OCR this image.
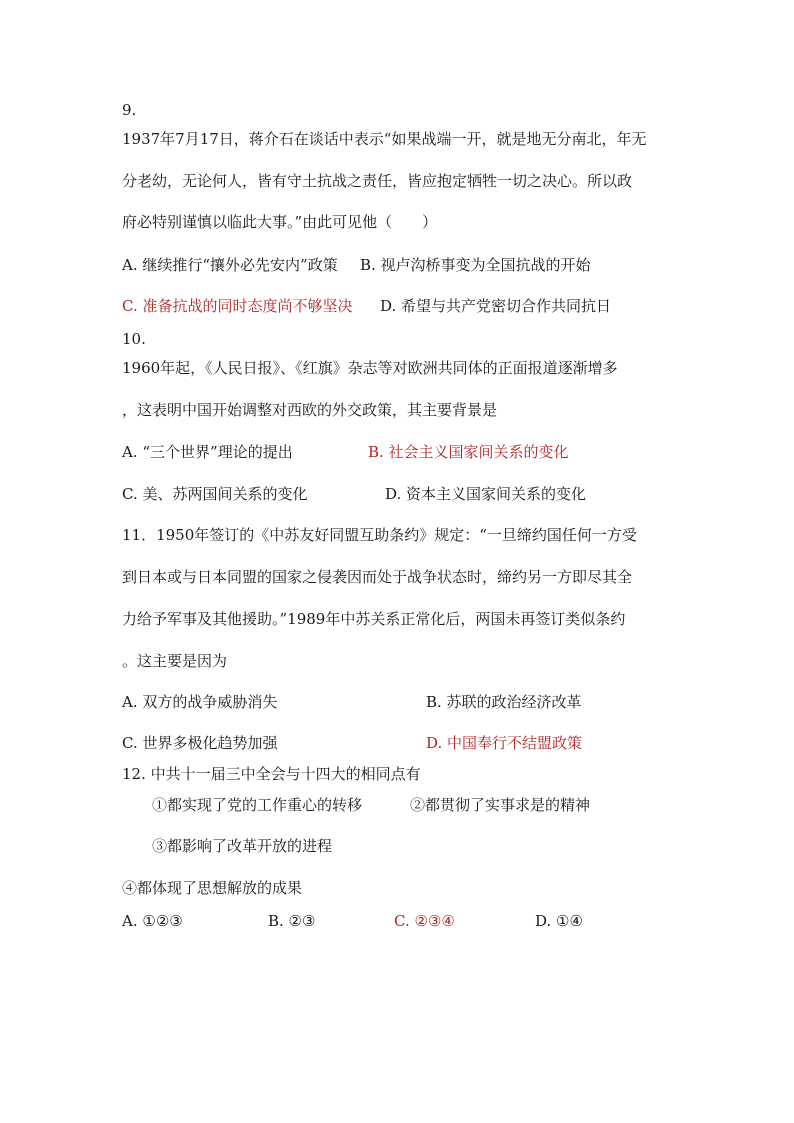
9.
1937年7月17日，蒋介石在谈话中表示“如果战端一开，就是地无分南北，年无
分老幼，无论何人，皆有守土抗战之责任，皆应抱定牺牲一切之决心。所以政
府必特别谨慎以临此大事。”由此可见他（　　）
A. 继续推行“攘外必先安内”政策 B. 视卢沟桥事变为全国抗战的开始
C. 准备抗战的同时态度尚不够坚决 D. 希望与共产党密切合作共同抗日
10.
1960年起，《人民日报》、《红旗》杂志等对欧洲共同体的正面报道逐渐增多
，这表明中国开始调整对西欧的外交政策，其主要背景是
A. “三个世界”理论的提出	B. 社会主义国家间关系的变化
C. 美、苏两国间关系的变化	D. 资本主义国家间关系的变化
11．1950年签订的《中苏友好同盟互助条约》规定：“一旦缔约国任何一方受
到日本或与日本同盟的国家之侵袭因而处于战争状态时，缔约另一方即尽其全
力给予军事及其他援助。”1989年中苏关系正常化后，两国未再签订类似条约
。这主要是因为
A. 双方的战争威胁消失	B. 苏联的政治经济改革
C. 世界多极化趋势加强	D. 中国奉行不结盟政策
12. 中共十一届三中全会与十四大的相同点有
①都实现了党的工作重心的转移	②都贯彻了实事求是的精神
③都影响了改革开放的进程
④都体现了思想解放的成果
A. ①②③	B. ②③	C. ②③④	D. ①④
